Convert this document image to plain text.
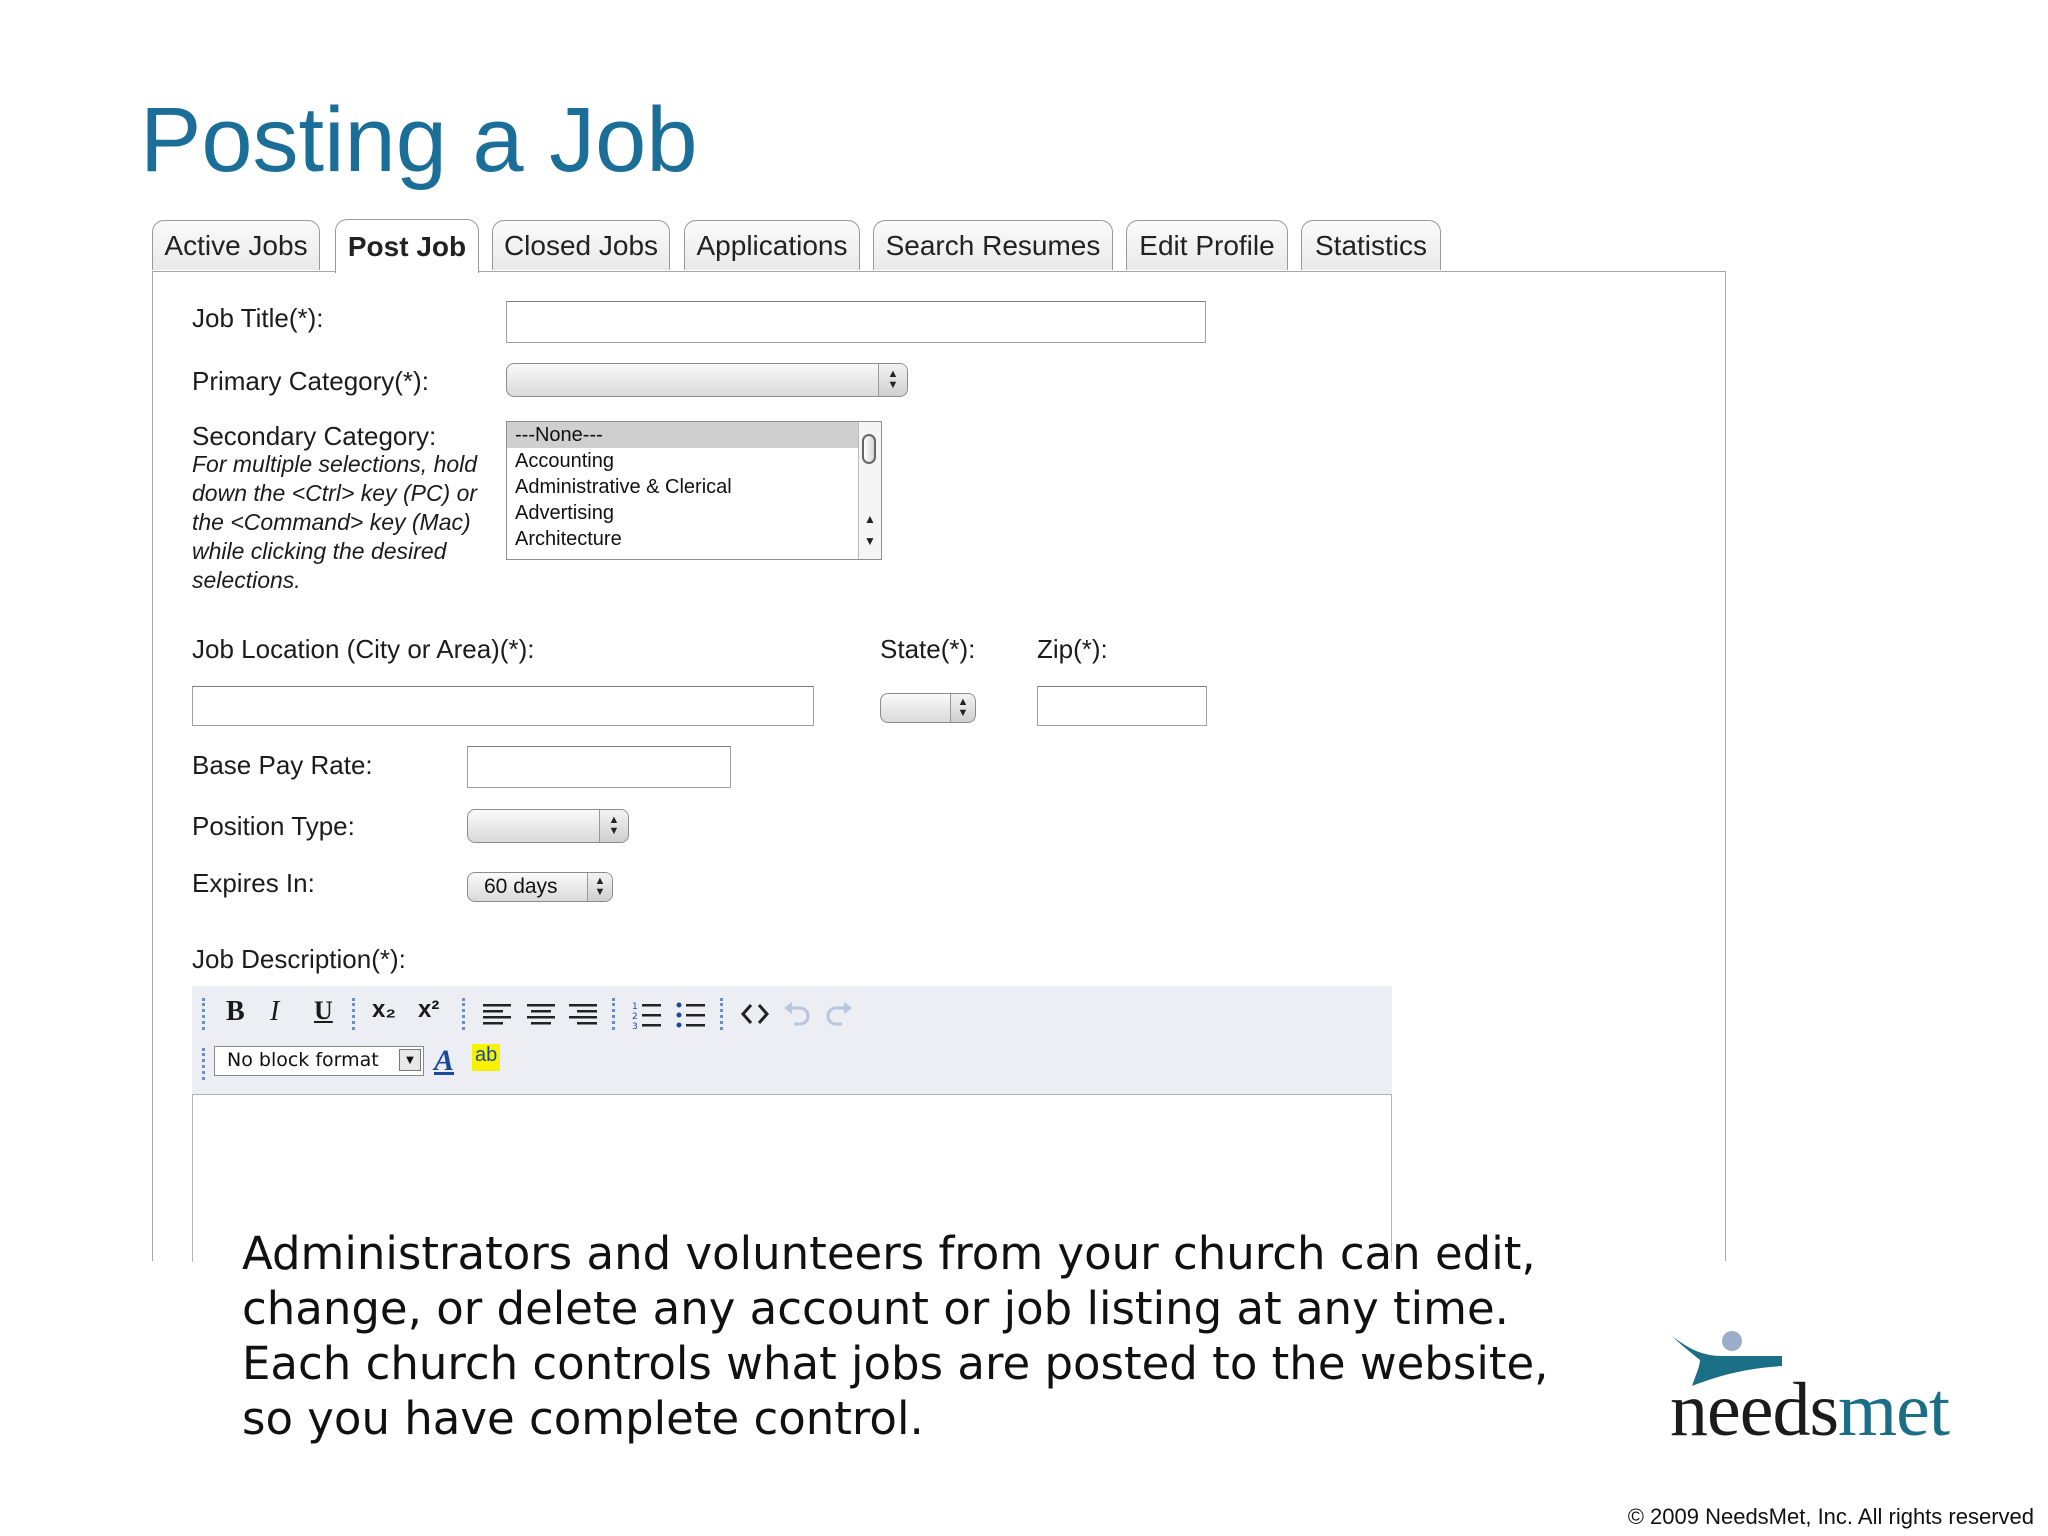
Posting a Job
Active Jobs	Post Job	Closed Jobs	Applications	Search Resumes	Edit Profile	Statistics
Job Title(*):
Primary Category(*):	▲
▼
Secondary Category:
For multiple selections, hold down the <Ctrl> key (PC) or the <Command> key (Mac) while clicking the desired selections.
---None---
Accounting
Administrative & Clerical
Advertising
Architecture
▲
▼
Job Location (City or Area)(*):	State(*): Zip(*):
▲
▼
Base Pay Rate:
Position Type:	▲
▼
Expires In:	60 days	▲
▼
Job Description(*):
B I U x₂ x²	1
2
3
A ab
No block format	▼

Administrators and volunteers from your church can edit, change, or delete any account or job listing at any time. Each church controls what jobs are posted to the website, so you have complete control.	needsmet
© 2009 NeedsMet, Inc. All rights reserved
